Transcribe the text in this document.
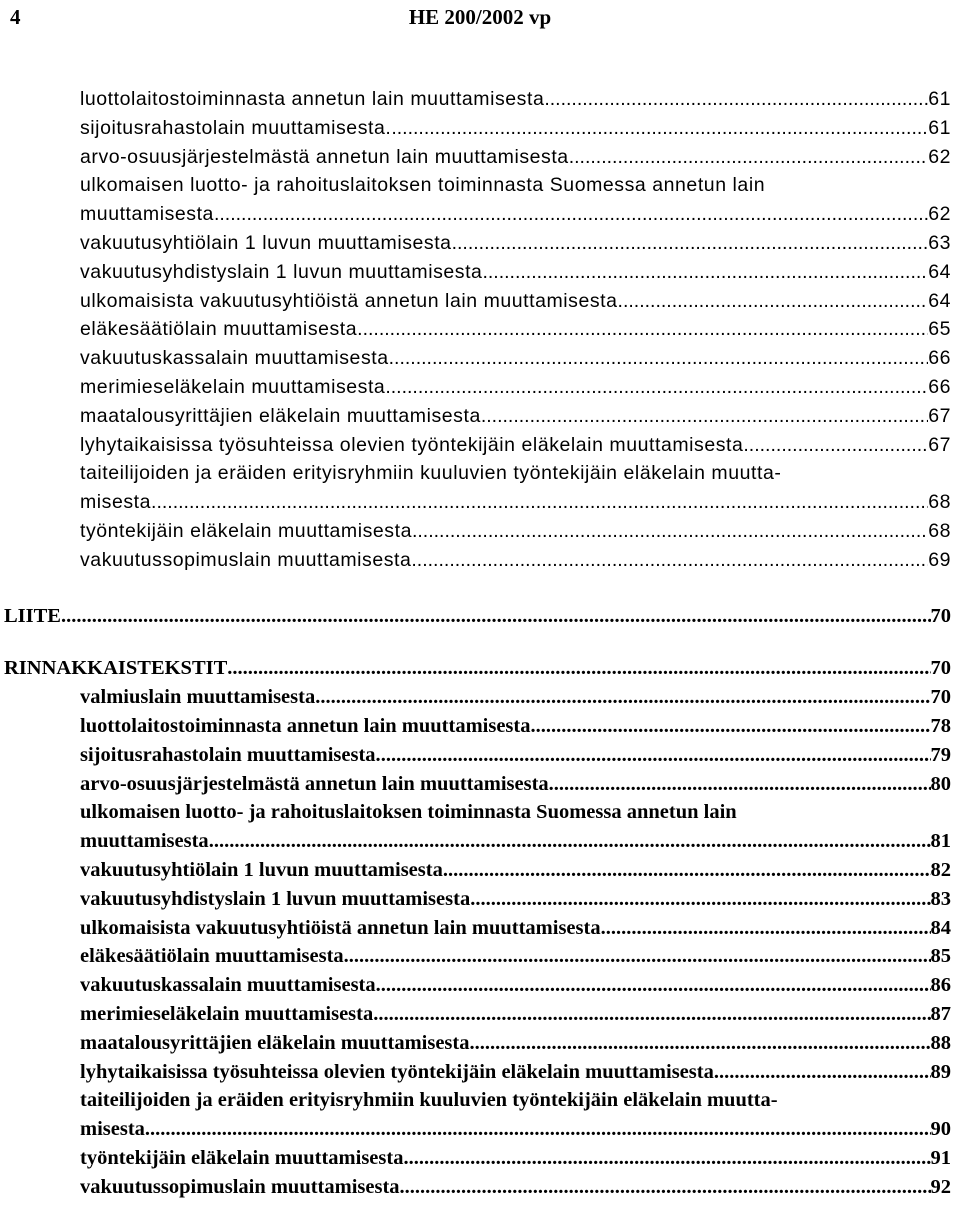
4	HE 200/2002 vp
luottolaitostoiminnasta annetun lain muuttamisesta .....	61
sijoitusrahastolain muuttamisesta. .....	61
arvo-osuusjärjestelmästä annetun lain muuttamisesta .....	62
ulkomaisen luotto- ja rahoituslaitoksen toiminnasta Suomessa annetun lain
muuttamisesta .....	62
vakuutusyhtiölain 1 luvun muuttamisesta .....	63
vakuutusyhdistyslain 1 luvun muuttamisesta .....	64
ulkomaisista vakuutusyhtiöistä annetun lain muuttamisesta .....	64
eläkesäätiölain muuttamisesta .....	65
vakuutuskassalain muuttamisesta .....	66
merimieseläkelain muuttamisesta .....	66
maatalousyrittäjien eläkelain muuttamisesta .....	67
lyhytaikaisissa työsuhteissa olevien työntekijäin eläkelain muuttamisesta .....	67
taiteilijoiden ja eräiden erityisryhmiin kuuluvien työntekijäin eläkelain muutta-
misesta .....	68
työntekijäin eläkelain muuttamisesta .....	68
vakuutussopimuslain muuttamisesta .....	69
LIITE .....	70
RINNAKKAISTEKSTIT .....	70
valmiuslain muuttamisesta .....	70
luottolaitostoiminnasta annetun lain muuttamisesta .....	78
sijoitusrahastolain muuttamisesta. .....	79
arvo-osuusjärjestelmästä annetun lain muuttamisesta .....	80
ulkomaisen luotto- ja rahoituslaitoksen toiminnasta Suomessa annetun lain
muuttamisesta .....	81
vakuutusyhtiölain 1 luvun muuttamisesta .....	82
vakuutusyhdistyslain 1 luvun muuttamisesta .....	83
ulkomaisista vakuutusyhtiöistä annetun lain muuttamisesta .....	84
eläkesäätiölain muuttamisesta .....	85
vakuutuskassalain muuttamisesta .....	86
merimieseläkelain muuttamisesta .....	87
maatalousyrittäjien eläkelain muuttamisesta .....	88
lyhytaikaisissa työsuhteissa olevien työntekijäin eläkelain muuttamisesta .....	89
taiteilijoiden ja eräiden erityisryhmiin kuuluvien työntekijäin eläkelain muutta-
misesta .....	90
työntekijäin eläkelain muuttamisesta .....	91
vakuutussopimuslain muuttamisesta .....	92
